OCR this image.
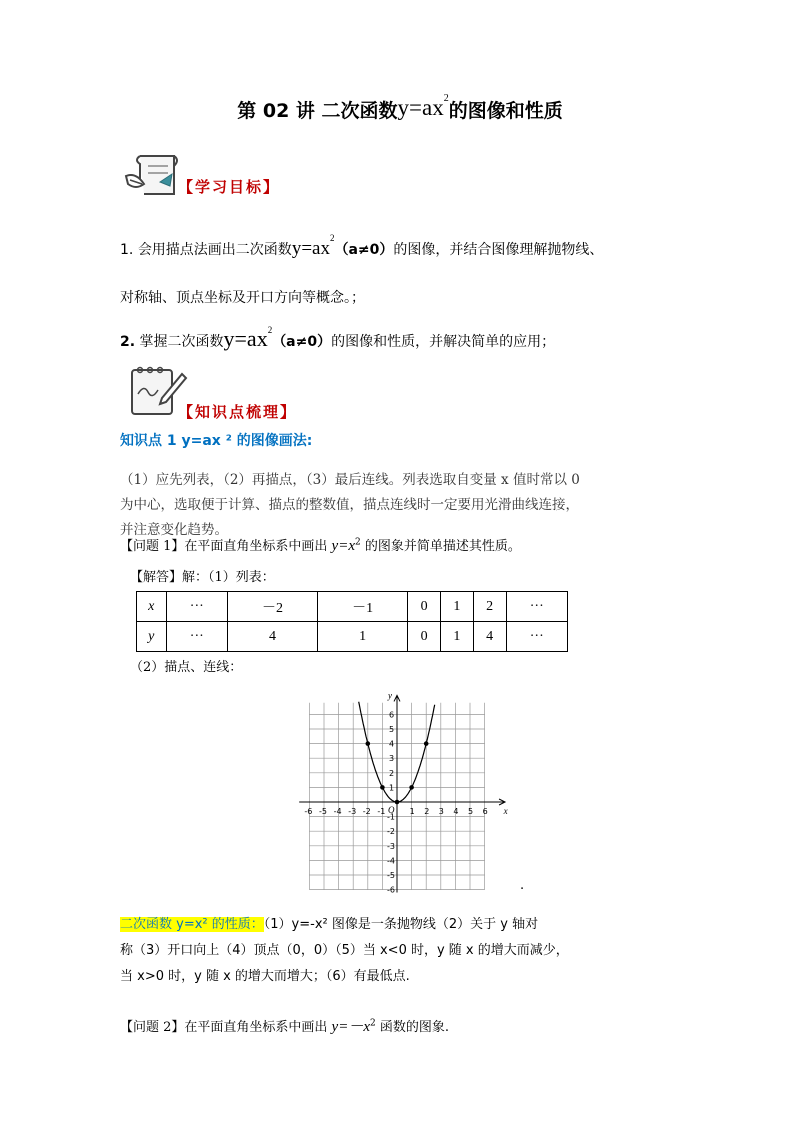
第 02 讲 二次函数$y=ax^2$的图像和性质
【学习目标】
1. 会用描点法画出二次函数$y=ax^2(a\ne 0)$的图像，并结合图像理解抛物线、
对称轴、顶点坐标及开口方向等概念。；
2. 掌握二次函数$y=ax^2(a\ne 0)$的图像和性质，并解决简单的应用；
【知识点梳理】
知识点 1 y=ax ² 的图像画法:
（1）应先列表，（2）再描点，（3）最后连线。列表选取自变量 x 值时常以 0
为中心，选取便于计算、描点的整数值，描点连线时一定要用光滑曲线连接，
并注意变化趋势。
【问题 1】在平面直角坐标系中画出 $y=x^2$ 的图象并简单描述其性质。
【解答】解：（1）列表：
x	···	－2	－1	0	1	2	···
y	···	4	1	0	1	4	···
（2）描点、连线：
x
y
-6 -5 -4 -3 -2 -1	1 2 3 4 5 6
6
5
4
3
2
1
-1
-2
-3
-4
-5
-6
O
.
二次函数 y=x² 的性质：（1）y=-x² 图像是一条抛物线（2）关于 y 轴对
称（3）开口向上（4）顶点（0，0）（5）当 x<0 时，y 随 x 的增大而减少，
当 x>0 时，y 随 x 的增大而增大；（6）有最低点.
【问题 2】在平面直角坐标系中画出 $y=-x^2$ 函数的图象.
